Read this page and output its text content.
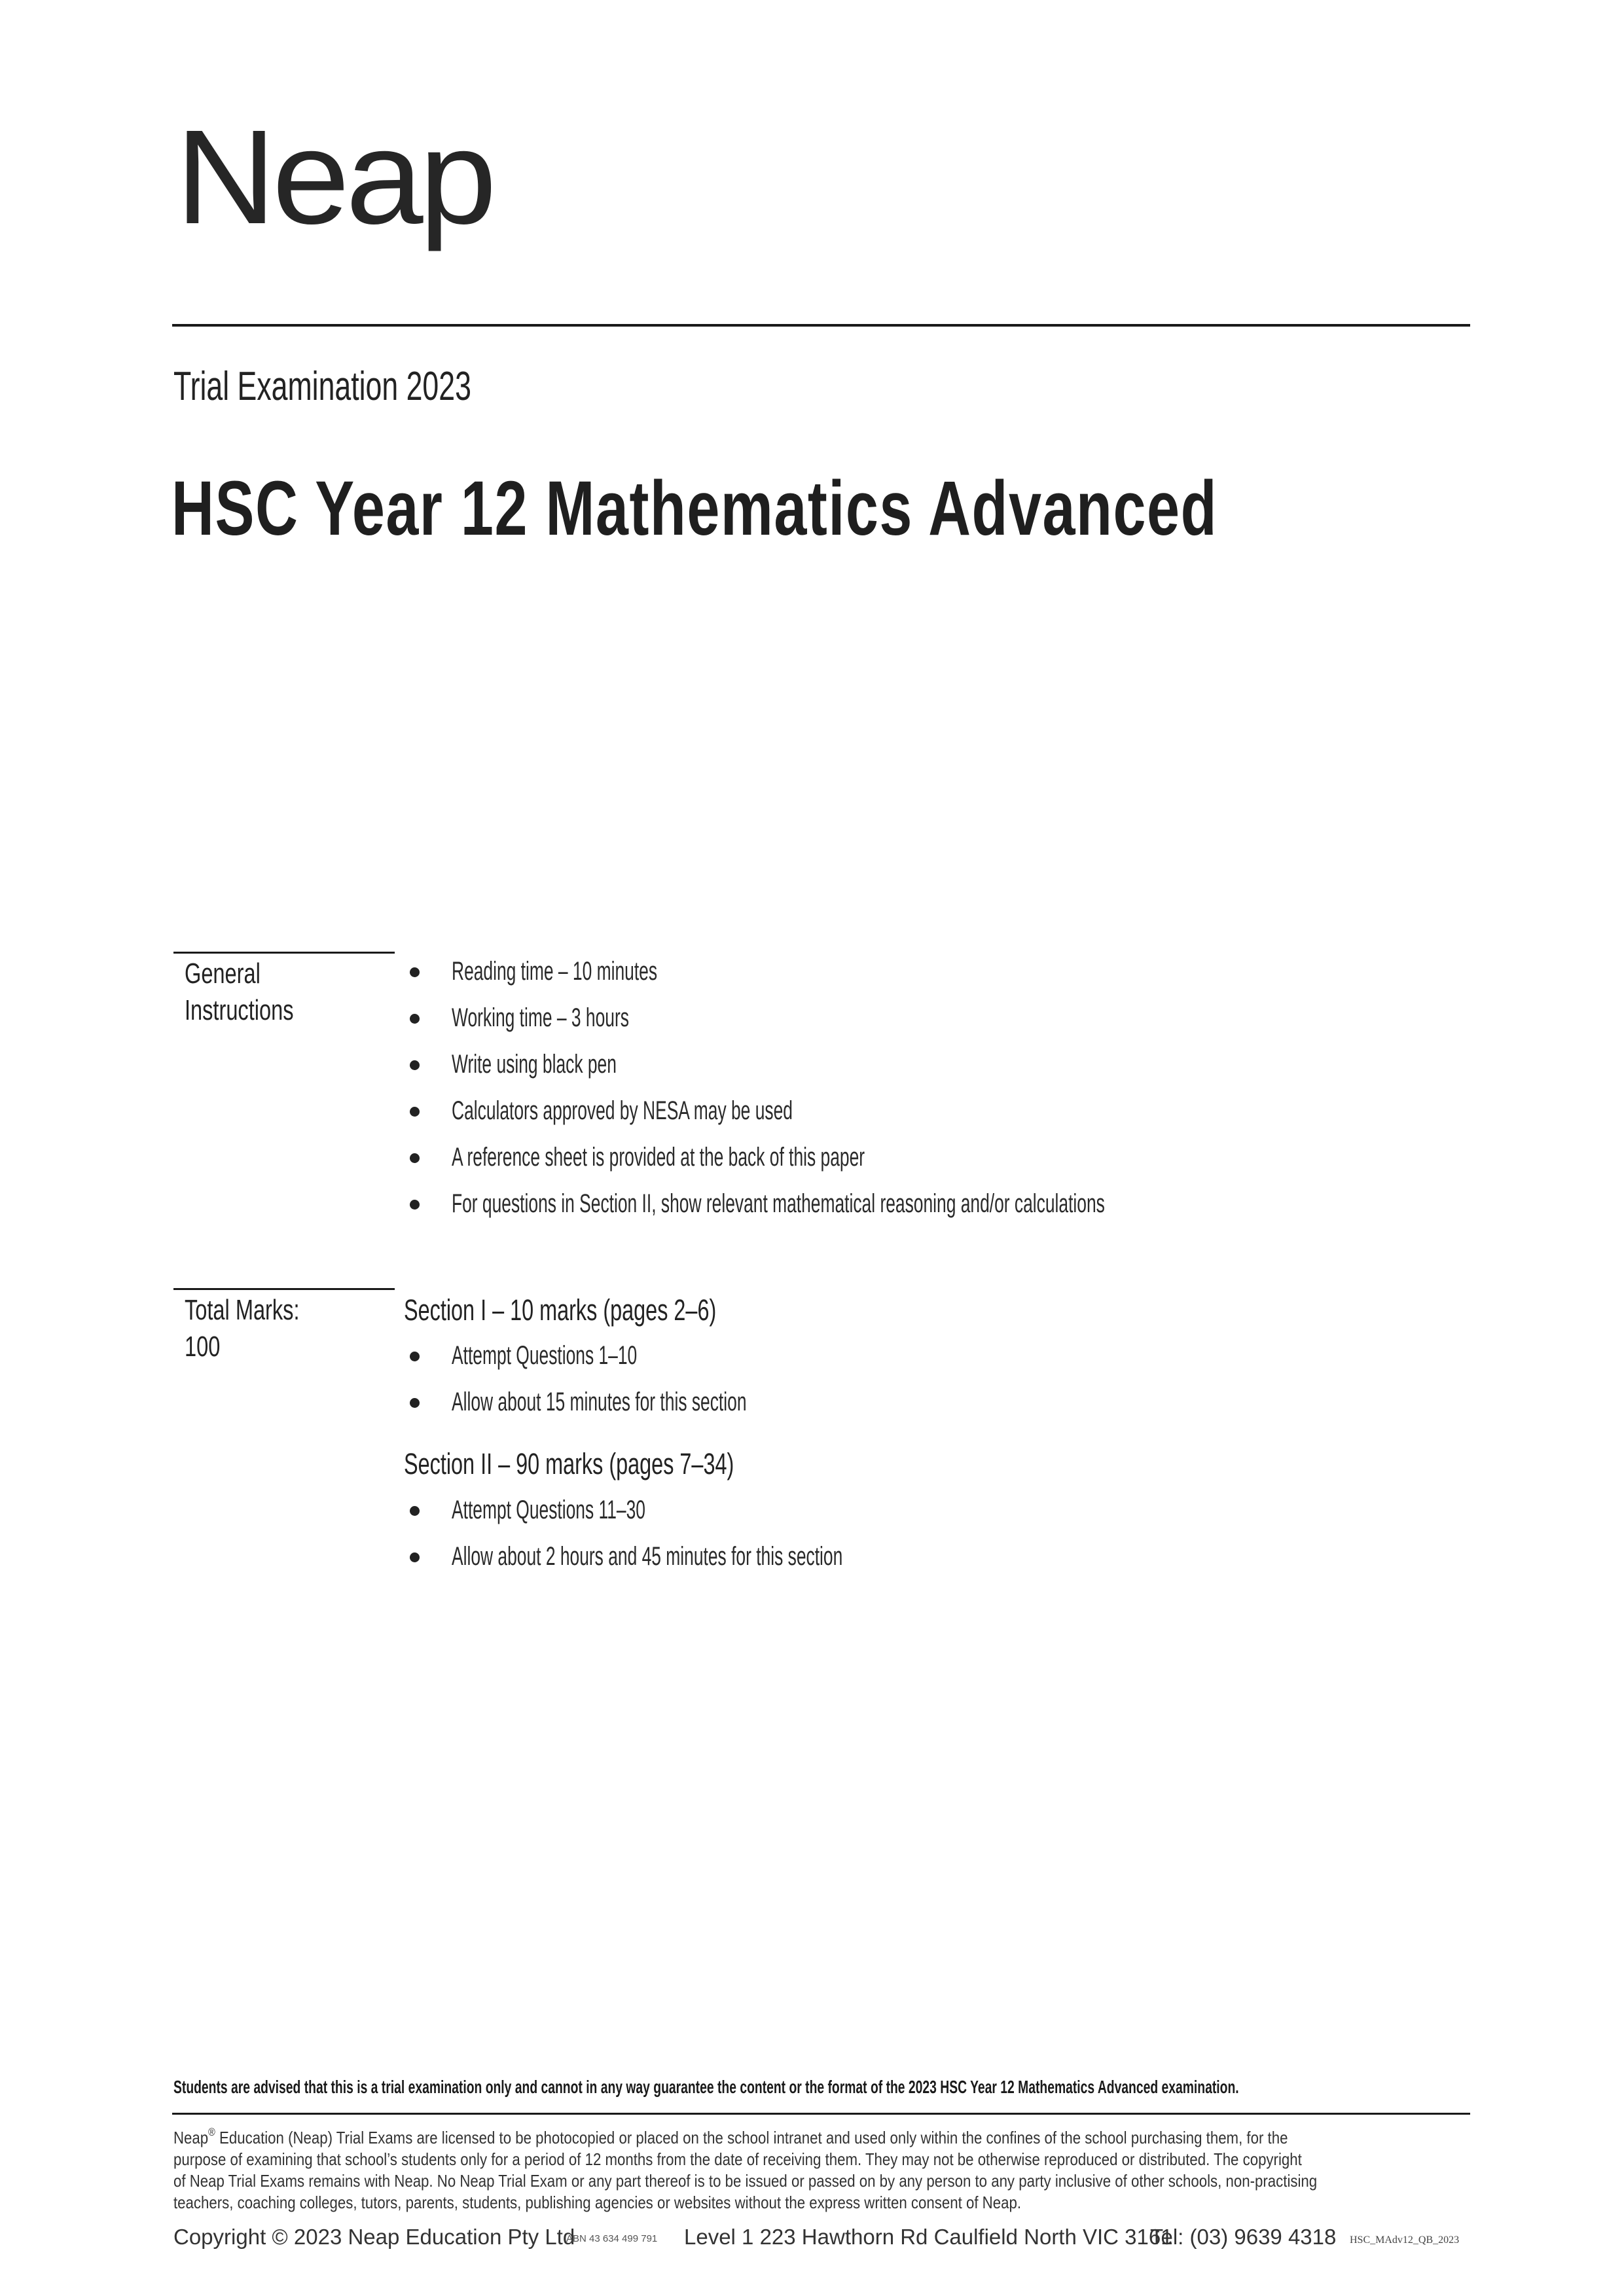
Neap
Trial Examination 2023
HSC Year 12 Mathematics Advanced
General
Instructions
Reading time – 10 minutes
Working time – 3 hours
Write using black pen
Calculators approved by NESA may be used
A reference sheet is provided at the back of this paper
For questions in Section II, show relevant mathematical reasoning and/or calculations
Total Marks:
100
Section I – 10 marks (pages 2–6)
Attempt Questions 1–10
Allow about 15 minutes for this section
Section II – 90 marks (pages 7–34)
Attempt Questions 11–30
Allow about 2 hours and 45 minutes for this section
Students are advised that this is a trial examination only and cannot in any way guarantee the content or the format of the 2023 HSC Year 12 Mathematics Advanced examination.

Neap® Education (Neap) Trial Exams are licensed to be photocopied or placed on the school intranet and used only within the confines of the school purchasing them, for the

purpose of examining that school’s students only for a period of 12 months from the date of receiving them. They may not be otherwise reproduced or distributed. The copyright

of Neap Trial Exams remains with Neap. No Neap Trial Exam or any part thereof is to be issued or passed on by any person to any party inclusive of other schools, non-practising

teachers, coaching colleges, tutors, parents, students, publishing agencies or websites without the express written consent of Neap.

Copyright © 2023 Neap Education Pty Ltd
ABN 43 634 499 791 Level 1 223 Hawthorn Rd Caulfield North VIC 3161
Tel: (03) 9639 4318 HSC_MAdv12_QB_2023
